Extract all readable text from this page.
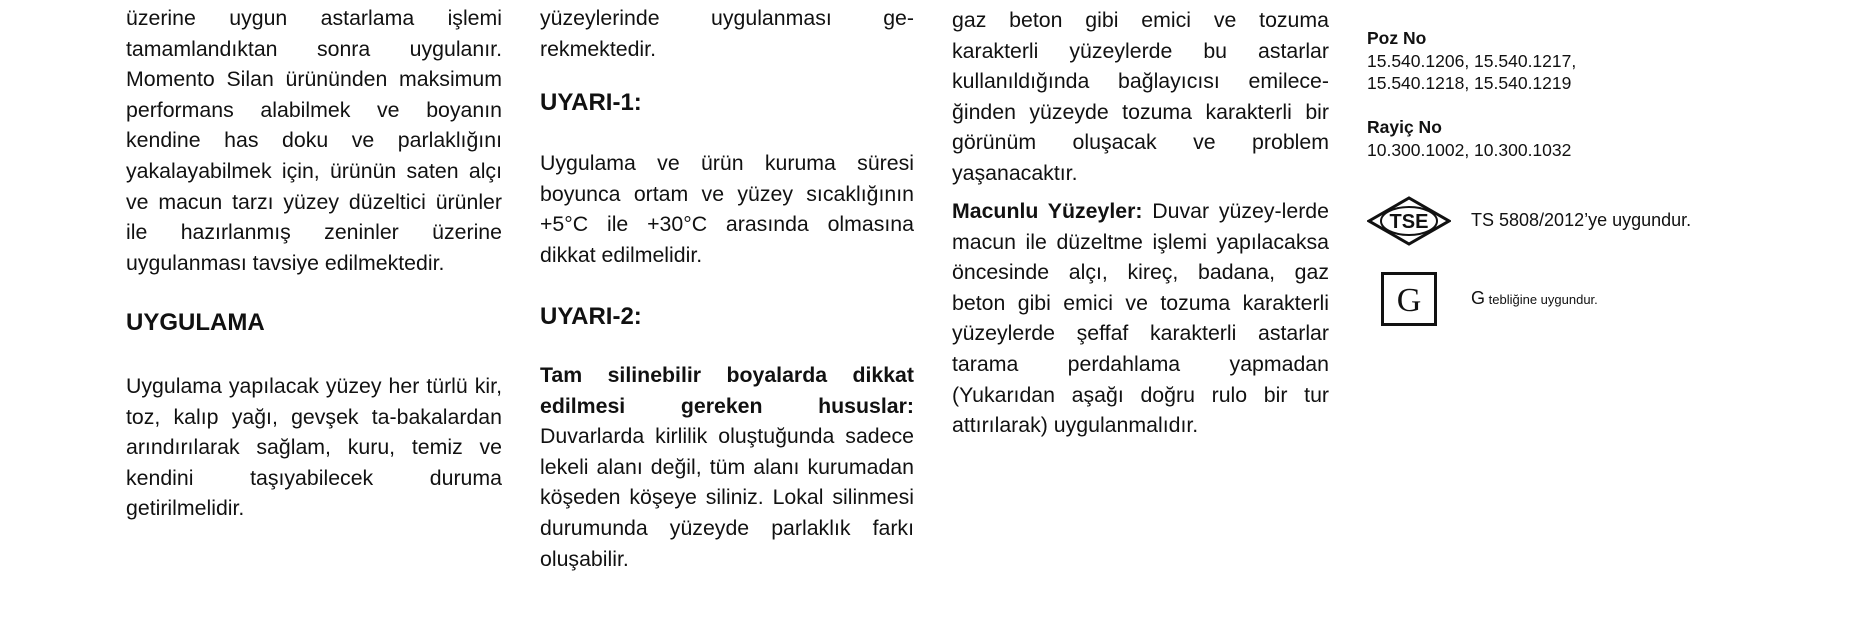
üzerine uygun astarlama işlemi tamamlandıktan sonra uygulanır. Momento Silan ürününden maksimum performans alabilmek ve boyanın kendine has doku ve parlaklığını yakalayabilmek için, ürünün saten alçı ve macun tarzı yüzey düzeltici ürünler ile hazırlanmış zeninler üzerine uygulanması tavsiye edilmektedir.

UYGULAMA

Uygulama yapılacak yüzey her türlü kir, toz, kalıp yağı, gevşek ta-bakalardan arındırılarak sağlam, kuru, temiz ve kendini taşıyabilecek duruma getirilmelidir.

yüzeylerinde uygulanması ge-rekmektedir.

UYARI-1:

Uygulama ve ürün kuruma süresi boyunca ortam ve yüzey sıcaklığının +5°C ile +30°C arasında olmasına dikkat edilmelidir.

UYARI-2:

Tam silinebilir boyalarda dikkat edilmesi gereken hususlar: Duvarlarda kirlilik oluştuğunda sadece lekeli alanı değil, tüm alanı kurumadan köşeden köşeye siliniz. Lokal silinmesi durumunda yüzeyde parlaklık farkı oluşabilir.

gaz beton gibi emici ve tozuma karakterli yüzeylerde bu astarlar kullanıldığında bağlayıcısı emilece-ğinden yüzeyde tozuma karakterli bir görünüm oluşacak ve problem yaşanacaktır.

Macunlu Yüzeyler: Duvar yüzey-lerde macun ile düzeltme işlemi yapılacaksa öncesinde alçı, kireç, badana, gaz beton gibi emici ve tozuma karakterli yüzeylerde şeffaf karakterli astarlar tarama perdahlama yapmadan (Yukarıdan aşağı doğru rulo bir tur attırılarak) uygulanmalıdır.

Poz No

15.540.1206, 15.540.1217,

15.540.1218, 15.540.1219

Rayiç No

10.300.1002, 10.300.1032

TSE TS 5808/2012’ye uygundur.
G	G tebliğine uygundur.
